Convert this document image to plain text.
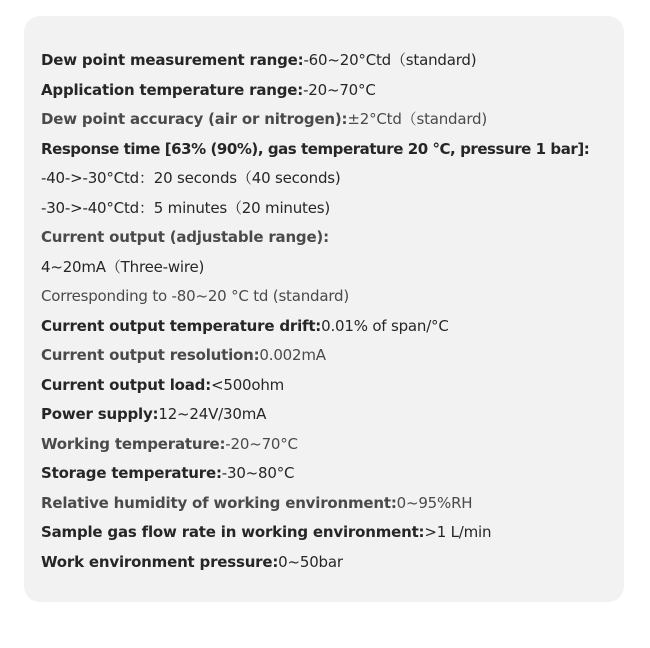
Dew point measurement range:-60~20°Ctd（standard)
Application temperature range:-20~70°C
Dew point accuracy (air or nitrogen):±2°Ctd（standard)
Response time [63% (90%), gas temperature 20 °C, pressure 1 bar]:
-40->-30°Ctd：20 seconds（40 seconds)
-30->-40°Ctd：5 minutes（20 minutes)
Current output (adjustable range):
4~20mA（Three-wire)
Corresponding to -80~20 °C td (standard)
Current output temperature drift:0.01% of span/°C
Current output resolution:0.002mA
Current output load:<500ohm
Power supply:12~24V/30mA
Working temperature:-20~70°C
Storage temperature:-30~80°C
Relative humidity of working environment:0~95%RH
Sample gas flow rate in working environment:>1 L/min
Work environment pressure:0~50bar
